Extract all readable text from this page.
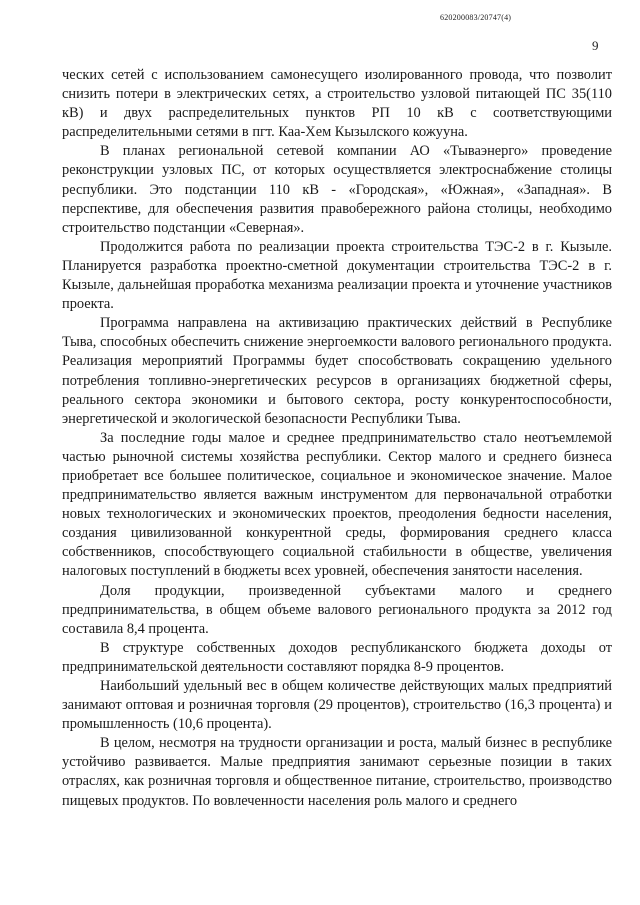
620200083/20747(4)
9

ческих сетей с использованием самонесущего изолированного провода, что позволит снизить потери в электрических сетях, а строительство узловой питающей ПС 35(110 кВ) и двух распределительных пунктов РП 10 кВ с соответствующими распределительными сетями в пгт. Каа-Хем Кызылского кожууна.

В планах региональной сетевой компании АО «Тываэнерго» проведение реконструкции узловых ПС, от которых осуществляется электроснабжение столицы республики. Это подстанции 110 кВ - «Городская», «Южная», «Западная». В перспективе, для обеспечения развития правобережного района столицы, необходимо строительство подстанции «Северная».

Продолжится работа по реализации проекта строительства ТЭС-2 в г. Кызыле. Планируется разработка проектно-сметной документации строительства ТЭС-2 в г. Кызыле, дальнейшая проработка механизма реализации проекта и уточнение участников проекта.

Программа направлена на активизацию практических действий в Республике Тыва, способных обеспечить снижение энергоемкости валового регионального продукта. Реализация мероприятий Программы будет способствовать сокращению удельного потребления топливно-энергетических ресурсов в организациях бюджетной сферы, реального сектора экономики и бытового сектора, росту конкурентоспособности, энергетической и экологической безопасности Республики Тыва.

За последние годы малое и среднее предпринимательство стало неотъемлемой частью рыночной системы хозяйства республики. Сектор малого и среднего бизнеса приобретает все большее политическое, социальное и экономическое значение. Малое предпринимательство является важным инструментом для первоначальной отработки новых технологических и экономических проектов, преодоления бедности населения, создания цивилизованной конкурентной среды, формирования среднего класса собственников, способствующего социальной стабильности в обществе, увеличения налоговых поступлений в бюджеты всех уровней, обеспечения занятости населения.

Доля продукции, произведенной субъектами малого и среднего предпринимательства, в общем объеме валового регионального продукта за 2012 год составила 8,4 процента.

В структуре собственных доходов республиканского бюджета доходы от предпринимательской деятельности составляют порядка 8-9 процентов.

Наибольший удельный вес в общем количестве действующих малых предприятий занимают оптовая и розничная торговля (29 процентов), строительство (16,3 процента) и промышленность (10,6 процента).

В целом, несмотря на трудности организации и роста, малый бизнес в республике устойчиво развивается. Малые предприятия занимают серьезные позиции в таких отраслях, как розничная торговля и общественное питание, строительство, производство пищевых продуктов. По вовлеченности населения роль малого и среднего
